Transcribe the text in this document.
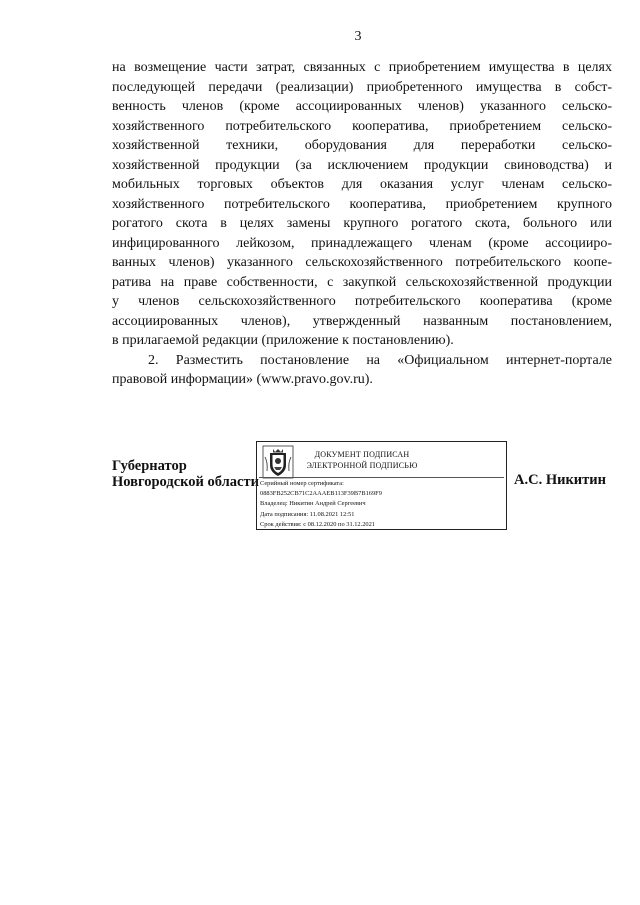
3
на возмещение части затрат, связанных с приобретением имущества в целях
последующей передачи (реализации) приобретенного имущества в собст-
венность членов (кроме ассоциированных членов) указанного сельско-
хозяйственного потребительского кооператива, приобретением сельско-
хозяйственной техники, оборудования для переработки сельско-
хозяйственной продукции (за исключением продукции свиноводства) и
мобильных торговых объектов для оказания услуг членам сельско-
хозяйственного потребительского кооператива, приобретением крупного
рогатого скота в целях замены крупного рогатого скота, больного или
инфицированного лейкозом, принадлежащего членам (кроме ассоцииро-
ванных членов) указанного сельскохозяйственного потребительского коопе-
ратива на праве собственности, с закупкой сельскохозяйственной продукции
у членов сельскохозяйственного потребительского кооператива (кроме
ассоциированных членов), утвержденный названным постановлением,
в прилагаемой редакции (приложение к постановлению).
2. Разместить постановление на «Официальном интернет-портале
правовой информации» (www.pravo.gov.ru).
Губернатор
Новгородской области
ДОКУМЕНТ ПОДПИСАН
ЭЛЕКТРОННОЙ ПОДПИСЬЮ
Серийный номер сертификата:
0883FB252CB71C2AAAEB113F39B7B169F9
Владелец: Никитин Андрей Сергеевич
Дата подписания: 11.08.2021 12:51
Срок действия: с 08.12.2020 по 31.12.2021
А.С. Никитин
